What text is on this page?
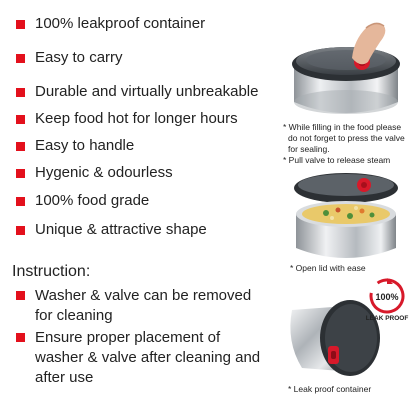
100% leakproof container
Easy to carry
Durable and virtually unbreakable
Keep food hot for longer hours
Easy to handle
Hygenic & odourless
100% food grade
Unique & attractive shape
Instruction:
Washer & valve can be removed for cleaning
Ensure proper placement of washer & valve after cleaning and after use
* While filling in the food please
do not forget to press the valve
for sealing.
* Pull valve to release steam
* Open lid with ease
100%
LEAK PROOF
* Leak proof container
